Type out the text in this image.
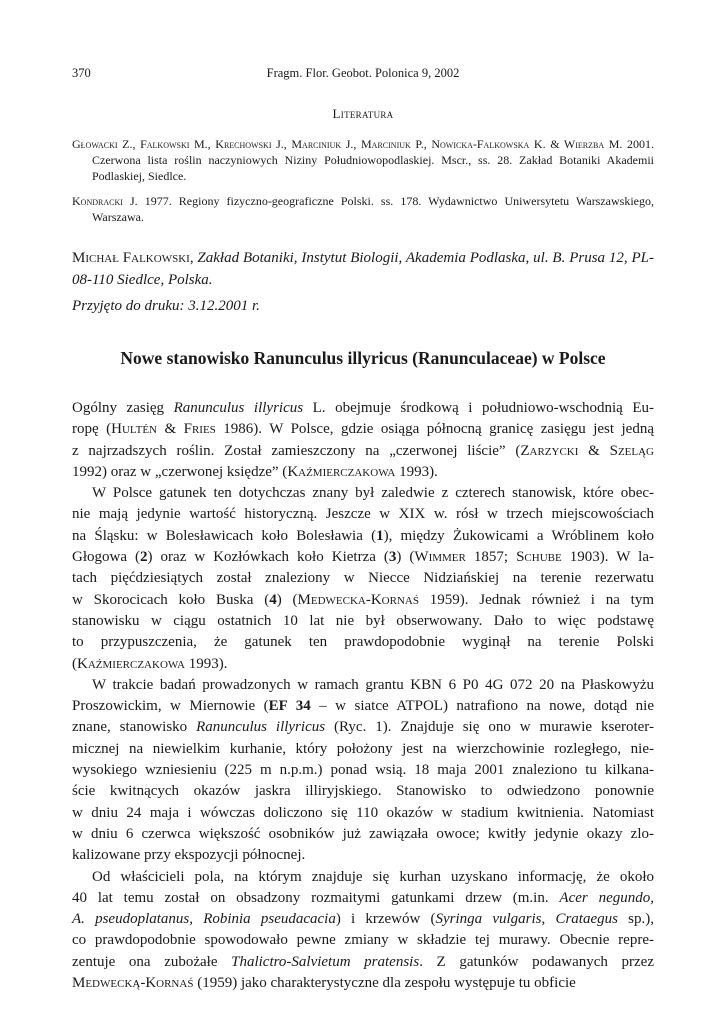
370	Fragm. Flor. Geobot. Polonica 9, 2002
Literatura

Głowacki Z., Falkowski M., Krechowski J., Marciniuk J., Marciniuk P., Nowicka-Falkowska K. & Wierzba M. 2001. Czerwona lista roślin naczyniowych Niziny Południowopodlaskiej. Mscr., ss. 28. Zakład Botaniki Akademii Podlaskiej, Siedlce.

Kondracki J. 1977. Regiony fizyczno-geograficzne Polski. ss. 178. Wydawnictwo Uniwersytetu Warszawskiego, Warszawa.

Michał Falkowski, Zakład Botaniki, Instytut Biologii, Akademia Podlaska, ul. B. Prusa 12, PL-08-110 Siedlce, Polska.
Przyjęto do druku: 3.12.2001 r.
Nowe stanowisko Ranunculus illyricus (Ranunculaceae) w Polsce

Ogólny zasięg Ranunculus illyricus L. obejmuje środkową i południowo-wschodnią Eu-
ropę (Hultén & Fries 1986). W Polsce, gdzie osiąga północną granicę zasięgu jest jedną
z najrzadszych roślin. Został zamieszczony na „czerwonej liście” (Zarzycki & Szeląg
1992) oraz w „czerwonej księdze” (Kaźmierczakowa 1993).

W Polsce gatunek ten dotychczas znany był zaledwie z czterech stanowisk, które obec-
nie mają jedynie wartość historyczną. Jeszcze w XIX w. rósł w trzech miejscowościach
na Śląsku: w Bolesławicach koło Bolesławia (1), między Żukowicami a Wróblinem koło
Głogowa (2) oraz w Kozłówkach koło Kietrza (3) (Wimmer 1857; Schube 1903). W la-
tach pięćdziesiątych został znaleziony w Niecce Nidziańskiej na terenie rezerwatu
w Skorocicach koło Buska (4) (Medwecka-Kornaś 1959). Jednak również i na tym
stanowisku w ciągu ostatnich 10 lat nie był obserwowany. Dało to więc podstawę
to przypuszczenia, że gatunek ten prawdopodobnie wyginął na terenie Polski
(Kaźmierczakowa 1993).

W trakcie badań prowadzonych w ramach grantu KBN 6 P0 4G 072 20 na Płaskowyżu
Proszowickim, w Miernowie (EF 34 – w siatce ATPOL) natrafiono na nowe, dotąd nie
znane, stanowisko Ranunculus illyricus (Ryc. 1). Znajduje się ono w murawie kseroter-
micznej na niewielkim kurhanie, który położony jest na wierzchowinie rozległego, nie-
wysokiego wzniesieniu (225 m n.p.m.) ponad wsią. 18 maja 2001 znaleziono tu kilkana-
ście kwitnących okazów jaskra illiryjskiego. Stanowisko to odwiedzono ponownie
w dniu 24 maja i wówczas doliczono się 110 okazów w stadium kwitnienia. Natomiast
w dniu 6 czerwca większość osobników już zawiązała owoce; kwitły jedynie okazy zlo-
kalizowane przy ekspozycji północnej.

Od właścicieli pola, na którym znajduje się kurhan uzyskano informację, że około
40 lat temu został on obsadzony rozmaitymi gatunkami drzew (m.in. Acer negundo,
A. pseudoplatanus, Robinia pseudacacia) i krzewów (Syringa vulgaris, Crataegus sp.),
co prawdopodobnie spowodowało pewne zmiany w składzie tej murawy. Obecnie repre-
zentuje ona zubożałe Thalictro-Salvietum pratensis. Z gatunków podawanych przez
Medwecką-Kornaś (1959) jako charakterystyczne dla zespołu występuje tu obficie
